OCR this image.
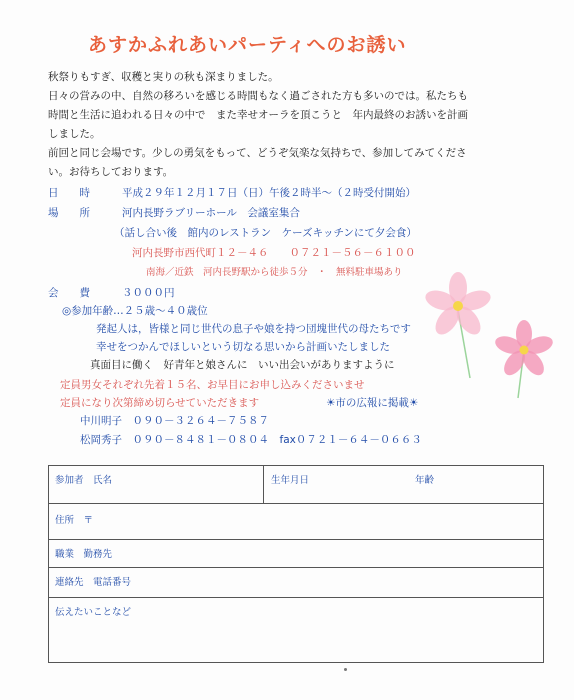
あすかふれあいパーティへのお誘い
秋祭りもすぎ、収穫と実りの秋も深まりました。
日々の営みの中、自然の移ろいを感じる時間もなく過ごされた方も多いのでは。私たちも
時間と生活に追われる日々の中で　また幸せオーラを頂こうと　年内最終のお誘いを計画
しました。
前回と同じ会場です。少しの勇気をもって、どうぞ気楽な気持ちで、参加してみてくださ
い。お待ちしております。
日　　時	平成２９年１２月１７日（日）午後２時半～（２時受付開始）
場　　所	河内長野ラブリーホール　会議室集合
（話し合い後　館内のレストラン　ケーズキッチンにて夕会食）
河内長野市西代町１２－４６　　０７２１－５６－６１００
南海／近鉄　河内長野駅から徒歩５分　・　無料駐車場あり
会　　費	３０００円
◎参加年齢…２５歳～４０歳位
発起人は，皆様と同じ世代の息子や娘を持つ団塊世代の母たちです
幸せをつかんでほしいという切なる思いから計画いたしました
真面目に働く　好青年と娘さんに　いい出会いがありますように
定員男女それぞれ先着１５名、お早目にお申し込みくださいませ
定員になり次第締め切らせていただきます	☀市の広報に掲載☀
中川明子　０９０－３２６４－７５８７
松岡秀子　０９０－８４８１－０８０４　fax０７２１－６４－０６６３
参加者　氏名	生年月日	年齢
住所　〒
職業　勤務先
連絡先　電話番号
伝えたいことなど
